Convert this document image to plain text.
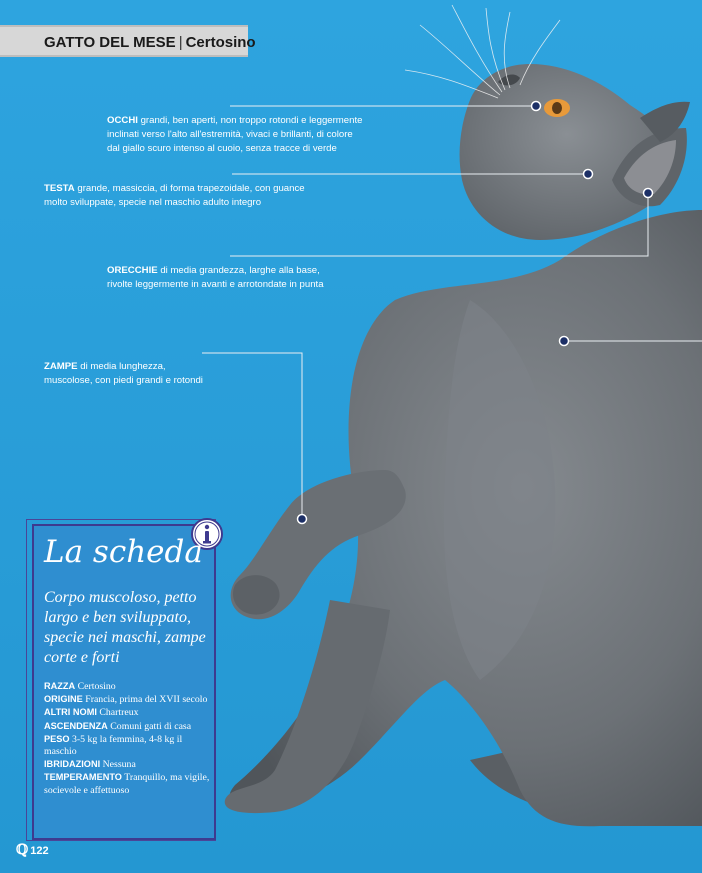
GATTO DEL MESE | Certosino
OCCHI grandi, ben aperti, non troppo rotondi e leggermente
inclinati verso l'alto all'estremità, vivaci e brillanti, di colore
dal giallo scuro intenso al cuoio, senza tracce di verde
TESTA grande, massiccia, di forma trapezoidale, con guance
molto sviluppate, specie nel maschio adulto integro
ORECCHIE di media grandezza, larghe alla base,
rivolte leggermente in avanti e arrotondate in punta
ZAMPE di media lunghezza,
muscolose, con piedi grandi e rotondi
La scheda
Corpo muscoloso, petto largo e ben sviluppato, specie nei maschi, zampe corte e forti
RAZZA Certosino
ORIGINE Francia, prima del XVII secolo
ALTRI NOMI Chartreux
ASCENDENZA Comuni gatti di casa
PESO 3-5 kg la femmina, 4-8 kg il maschio
IBRIDAZIONI Nessuna
TEMPERAMENTO Tranquillo, ma vigile, socievole e affettuoso
ℚ 122
